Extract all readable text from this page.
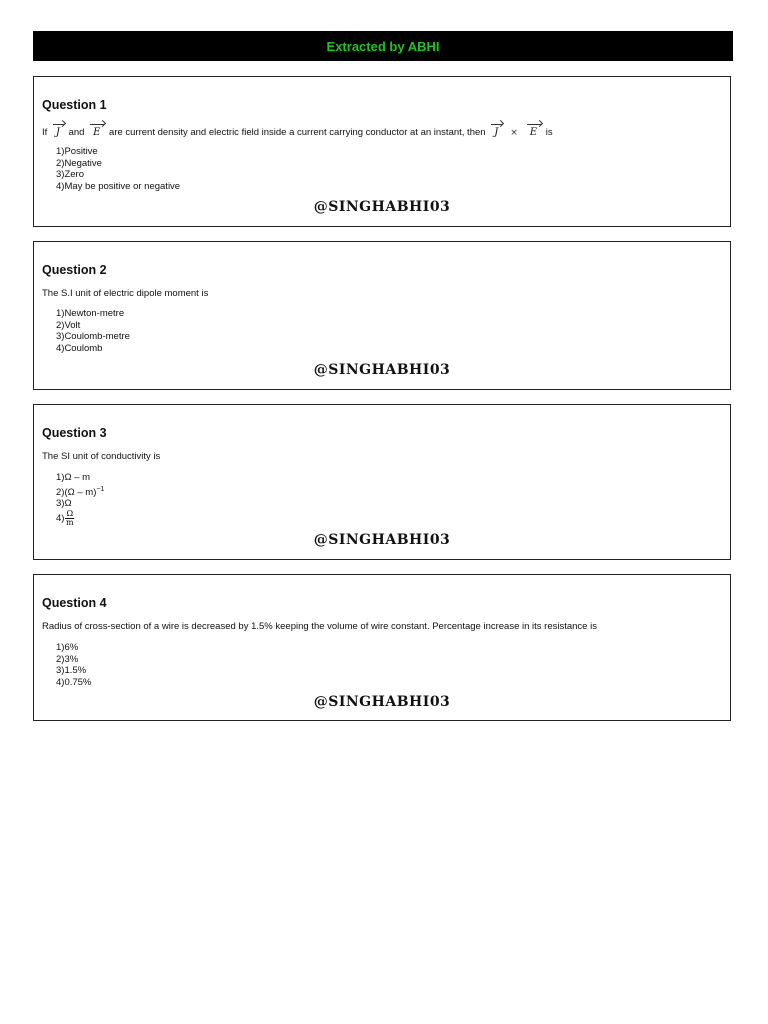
Extracted by ABHI
Question 1
If J and E are current density and electric field inside a current carrying conductor at an instant, then J × E is
1)Positive
2)Negative
3)Zero
4)May be positive or negative
@SINGHABHI03
Question 2
The S.I unit of electric dipole moment is
1)Newton-metre
2)Volt
3)Coulomb-metre
4)Coulomb
@SINGHABHI03
Question 3
The SI unit of conductivity is
1)Ω – m
2)(Ω – m)$^{-1}$
3)Ω
$4) \frac{\Omega}{m}$
@SINGHABHI03
Question 4
Radius of cross-section of a wire is decreased by 1.5% keeping the volume of wire constant. Percentage increase in its resistance is
1)6%
2)3%
3)1.5%
4)0.75%
@SINGHABHI03
